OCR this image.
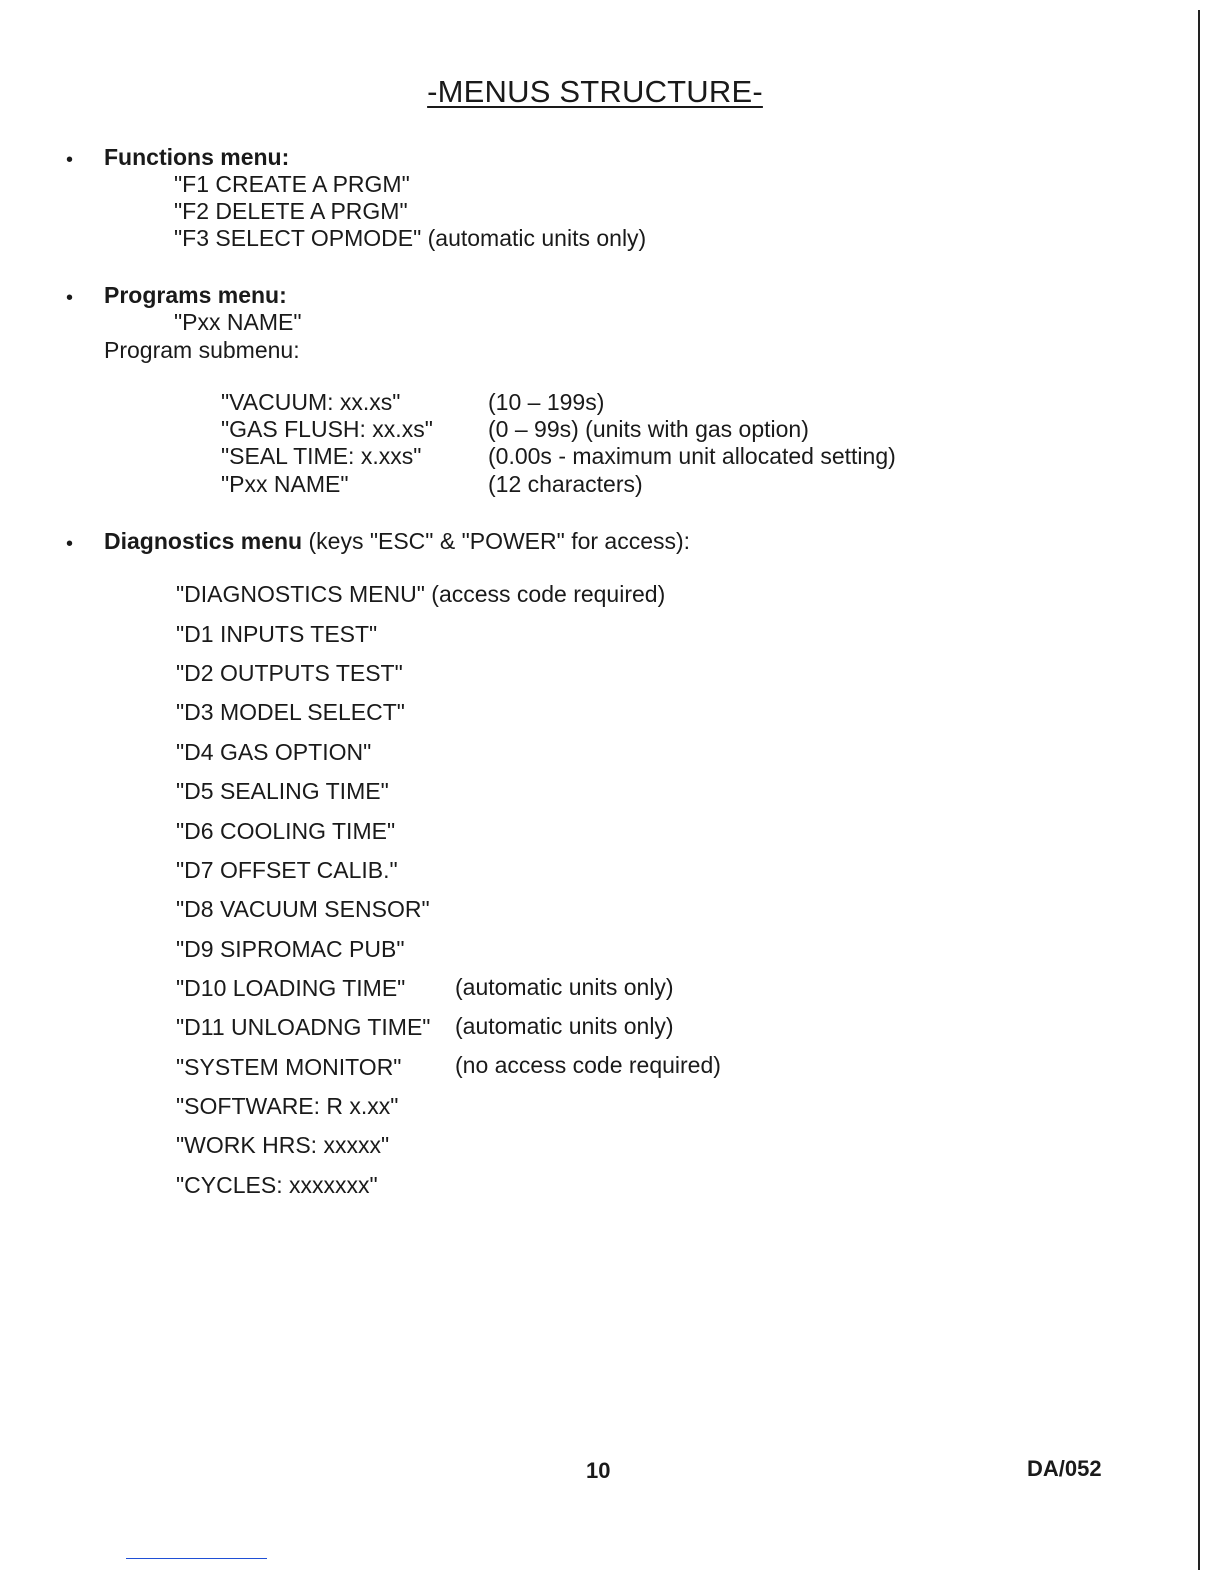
-MENUS STRUCTURE-
• Functions menu:
"F1 CREATE A PRGM"
"F2 DELETE A PRGM"
"F3 SELECT OPMODE" (automatic units only)
• Programs menu:
"Pxx NAME"
Program submenu:
"VACUUM: xx.xs"	(10 – 199s)
"GAS FLUSH: xx.xs" (0 – 99s) (units with gas option)
"SEAL TIME: x.xxs"	(0.00s - maximum unit allocated setting)
"Pxx NAME"	(12 characters)
• Diagnostics menu (keys "ESC" & "POWER" for access):
"DIAGNOSTICS MENU" (access code required)
"D1 INPUTS TEST"
"D2 OUTPUTS TEST"
"D3 MODEL SELECT"
"D4 GAS OPTION"
"D5 SEALING TIME"
"D6 COOLING TIME"
"D7 OFFSET CALIB."
"D8 VACUUM SENSOR"
"D9 SIPROMAC PUB"
"D10 LOADING TIME" (automatic units only)
"D11 UNLOADNG TIME" (automatic units only)
"SYSTEM MONITOR" (no access code required)
"SOFTWARE: R x.xx"
"WORK HRS: xxxxx"
"CYCLES: xxxxxxx"
10	DA/052
